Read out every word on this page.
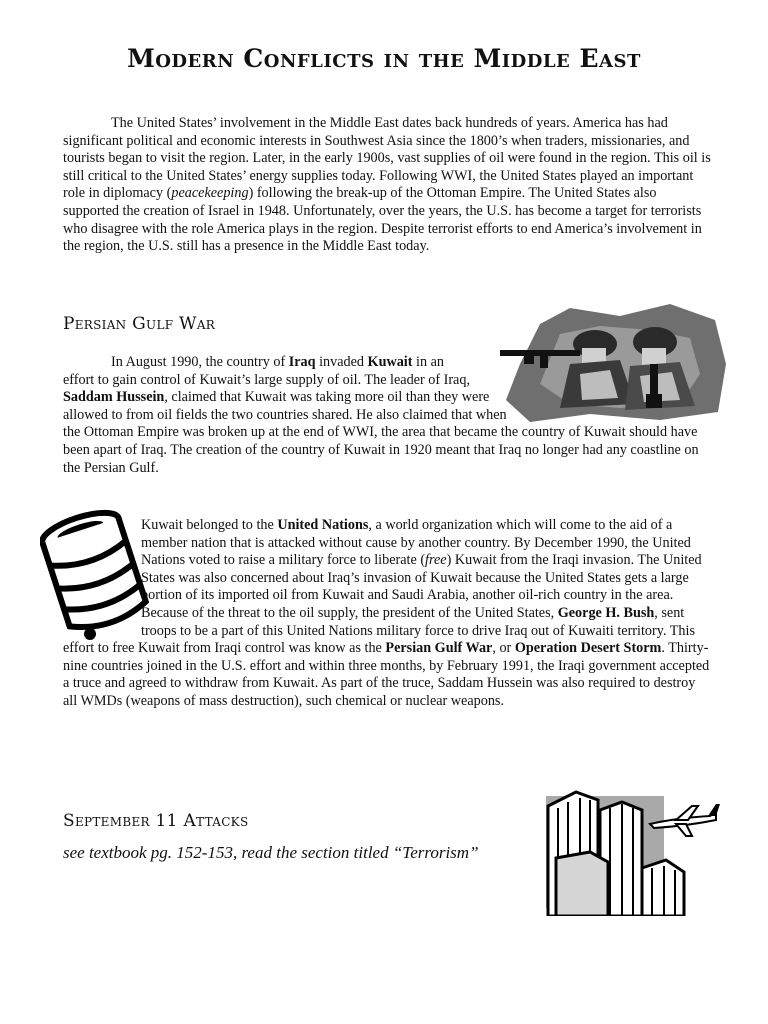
Modern Conflicts in the Middle East

The United States’ involvement in the Middle East dates back hundreds of years. America has had significant political and economic interests in Southwest Asia since the 1800’s when traders, missionaries, and tourists began to visit the region. Later, in the early 1900s, vast supplies of oil were found in the region. This oil is still critical to the United States’ energy supplies today. Following WWI, the United States played an important role in diplomacy (peacekeeping) following the break-up of the Ottoman Empire. The United States also supported the creation of Israel in 1948. Unfortunately, over the years, the U.S. has become a target for terrorists who disagree with the role America plays in the region. Despite terrorist efforts to end America’s involvement in the region, the U.S. still has a presence in the Middle East today.

Persian Gulf War

In August 1990, the country of Iraq invaded Kuwait in an

effort to gain control of Kuwait’s large supply of oil. The leader of Iraq, Saddam Hussein, claimed that Kuwait was taking more oil than they were allowed to from oil fields the two countries shared. He also claimed that when the Ottoman Empire was broken up at the end of WWI, the area that became the country of Kuwait should have been apart of Iraq. The creation of the country of Kuwait in 1920 meant that Iraq no longer had any coastline on the Persian Gulf.

Kuwait belonged to the United Nations, a world organization which will come to the aid of a member nation that is attacked without cause by another country. By December 1990, the United Nations voted to raise a military force to liberate (free) Kuwait from the Iraqi invasion. The United States was also concerned about Iraq’s invasion of Kuwait because the United States gets a large portion of its imported oil from Kuwait and Saudi Arabia, another oil-rich country in the area. Because of the threat to the oil supply, the president of the United States, George H. Bush, sent troops to be a part of this United Nations military force to drive Iraq out of Kuwaiti territory. This effort to free Kuwait from Iraqi control was know as the Persian Gulf War, or Operation Desert Storm. Thirty-nine countries joined in the U.S. effort and within three months, by February 1991, the Iraqi government accepted a truce and agreed to withdraw from Kuwait. As part of the truce, Saddam Hussein was also required to destroy all WMDs (weapons of mass destruction), such chemical or nuclear weapons.
September 11 Attacks

see textbook pg. 152-153, read the section titled “Terrorism”
